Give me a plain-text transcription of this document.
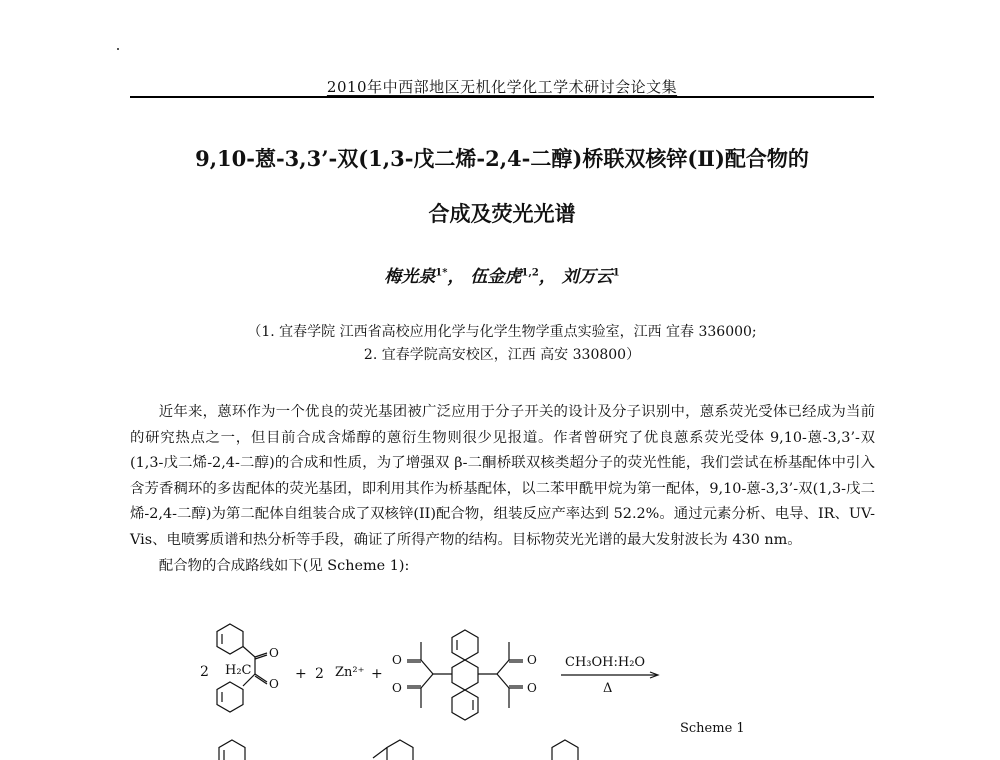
2010年中西部地区无机化学化工学术研讨会论文集
9,10-蒽-3,3’-双(1,3-戊二烯-2,4-二醇)桥联双核锌(Ⅱ)配合物的
合成及荧光光谱
梅光泉$^{1*}$， 伍金虎$^{1,2}$， 刘万云$^1$
（1. 宜春学院 江西省高校应用化学与化学生物学重点实验室，江西 宜春 336000;
2. 宜春学院高安校区，江西 高安 330800）

近年来，蒽环作为一个优良的荧光基团被广泛应用于分子开关的设计及分子识别中，蒽系荧光受体已经成为当前的研究热点之一，但目前合成含烯醇的蒽衍生物则很少见报道。作者曾研究了优良蒽系荧光受体 9,10-蒽-3,3’-双(1,3-戊二烯-2,4-二醇)的合成和性质，为了增强双 β-二酮桥联双核类超分子的荧光性能，我们尝试在桥基配体中引入含芳香稠环的多齿配体的荧光基团，即利用其作为桥基配体，以二苯甲酰甲烷为第一配体，9,10-蒽-3,3’-双(1,3-戊二烯-2,4-二醇)为第二配体自组装合成了双核锌(II)配合物，组装反应产率达到 52.2%。通过元素分析、电导、IR、UV-Vis、电喷雾质谱和热分析等手段，确证了所得产物的结构。目标物荧光光谱的最大发射波长为 430 nm。

配合物的合成路线如下(见 Scheme 1):

2 H₂C
O
O
+ 2 Zn²⁺ +
O
O
O
O
CH₃OH:H₂O
Δ
Scheme 1
